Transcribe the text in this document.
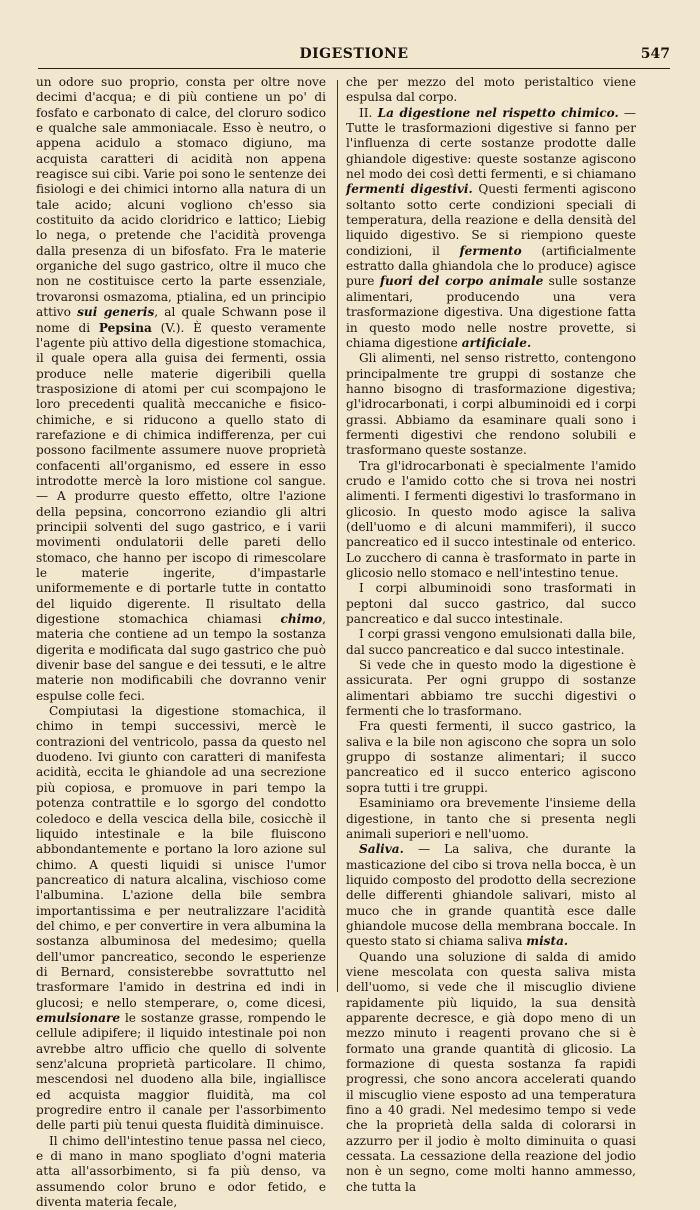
DIGESTIONE	547

un odore suo proprio, consta per oltre nove decimi d'acqua; e di più contiene un po' di fosfato e carbonato di calce, del cloruro sodico e qualche sale ammoniacale. Esso è neutro, o appena acidulo a stomaco digiuno, ma acquista caratteri di acidità non appena reagisce sui cibi. Varie poi sono le sentenze dei fisiologi e dei chimici intorno alla natura di un tale acido; alcuni vogliono ch'esso sia costituito da acido cloridrico e lattico; Liebig lo nega, o pretende che l'acidità provenga dalla presenza di un bifosfato. Fra le materie organiche del sugo gastrico, oltre il muco che non ne costituisce certo la parte essenziale, trovaronsi osmazoma, ptialina, ed un principio attivo sui generis, al quale Schwann pose il nome di Pepsina (V.). È questo veramente l'agente più attivo della digestione stomachica, il quale opera alla guisa dei fermenti, ossia produce nelle materie digeribili quella trasposizione di atomi per cui scompajono le loro precedenti qualità meccaniche e fisico-chimiche, e si riducono a quello stato di rarefazione e di chimica indifferenza, per cui possono facilmente assumere nuove proprietà confacenti all'organismo, ed essere in esso introdotte mercè la loro mistione col sangue. — A produrre questo effetto, oltre l'azione della pepsina, concorrono eziandio gli altri principii solventi del sugo gastrico, e i varii movimenti ondulatorii delle pareti dello stomaco, che hanno per iscopo di rimescolare le materie ingerite, d'impastarle uniformemente e di portarle tutte in contatto del liquido digerente. Il risultato della digestione stomachica chiamasi chimo, materia che contiene ad un tempo la sostanza digerita e modificata dal sugo gastrico che può divenir base del sangue e dei tessuti, e le altre materie non modificabili che dovranno venir espulse colle feci.

Compiutasi la digestione stomachica, il chimo in tempi successivi, mercè le contrazioni del ventricolo, passa da questo nel duodeno. Ivi giunto con caratteri di manifesta acidità, eccita le ghiandole ad una secrezione più copiosa, e promuove in pari tempo la potenza contrattile e lo sgorgo del condotto coledoco e della vescica della bile, cosicchè il liquido intestinale e la bile fluiscono abbondantemente e portano la loro azione sul chimo. A questi liquidi si unisce l'umor pancreatico di natura alcalina, vischioso come l'albumina. L'azione della bile sembra importantissima e per neutralizzare l'acidità del chimo, e per convertire in vera albumina la sostanza albuminosa del medesimo; quella dell'umor pancreatico, secondo le esperienze di Bernard, consisterebbe sovrattutto nel trasformare l'amido in destrina ed indi in glucosi; e nello stemperare, o, come dicesi, emulsionare le sostanze grasse, rompendo le cellule adipifere; il liquido intestinale poi non avrebbe altro ufficio che quello di solvente senz'alcuna proprietà particolare. Il chimo, mescendosi nel duodeno alla bile, ingiallisce ed acquista maggior fluidità, ma col progredire entro il canale per l'assorbimento delle parti più tenui questa fluidità diminuisce.

Il chimo dell'intestino tenue passa nel cieco, e di mano in mano spogliato d'ogni materia atta all'assorbimento, si fa più denso, va assumendo color bruno e odor fetido, e diventa materia fecale,

che per mezzo del moto peristaltico viene espulsa dal corpo.

II. La digestione nel rispetto chimico. — Tutte le trasformazioni digestive si fanno per l'influenza di certe sostanze prodotte dalle ghiandole digestive: queste sostanze agiscono nel modo dei così detti fermenti, e si chiamano fermenti digestivi. Questi fermenti agiscono soltanto sotto certe condizioni speciali di temperatura, della reazione e della densità del liquido digestivo. Se si riempiono queste condizioni, il fermento (artificialmente estratto dalla ghiandola che lo produce) agisce pure fuori del corpo animale sulle sostanze alimentari, producendo una vera trasformazione digestiva. Una digestione fatta in questo modo nelle nostre provette, si chiama digestione artificiale.

Gli alimenti, nel senso ristretto, contengono principalmente tre gruppi di sostanze che hanno bisogno di trasformazione digestiva; gl'idrocarbonati, i corpi albuminoidi ed i corpi grassi. Abbiamo da esaminare quali sono i fermenti digestivi che rendono solubili e trasformano queste sostanze.

Tra gl'idrocarbonati è specialmente l'amido crudo e l'amido cotto che si trova nei nostri alimenti. I fermenti digestivi lo trasformano in glicosio. In questo modo agisce la saliva (dell'uomo e di alcuni mammiferi), il succo pancreatico ed il succo intestinale od enterico. Lo zucchero di canna è trasformato in parte in glicosio nello stomaco e nell'intestino tenue.

I corpi albuminoidi sono trasformati in peptoni dal succo gastrico, dal succo pancreatico e dal succo intestinale.

I corpi grassi vengono emulsionati dalla bile, dal succo pancreatico e dal succo intestinale.

Si vede che in questo modo la digestione è assicurata. Per ogni gruppo di sostanze alimentari abbiamo tre succhi digestivi o fermenti che lo trasformano.

Fra questi fermenti, il succo gastrico, la saliva e la bile non agiscono che sopra un solo gruppo di sostanze alimentari; il succo pancreatico ed il succo enterico agiscono sopra tutti i tre gruppi.

Esaminiamo ora brevemente l'insieme della digestione, in tanto che si presenta negli animali superiori e nell'uomo.

Saliva. — La saliva, che durante la masticazione del cibo si trova nella bocca, è un liquido composto del prodotto della secrezione delle differenti ghiandole salivari, misto al muco che in grande quantità esce dalle ghiandole mucose della membrana boccale. In questo stato si chiama saliva mista.

Quando una soluzione di salda di amido viene mescolata con questa saliva mista dell'uomo, si vede che il miscuglio diviene rapidamente più liquido, la sua densità apparente decresce, e già dopo meno di un mezzo minuto i reagenti provano che si è formato una grande quantità di glicosio. La formazione di questa sostanza fa rapidi progressi, che sono ancora accelerati quando il miscuglio viene esposto ad una temperatura fino a 40 gradi. Nel medesimo tempo si vede che la proprietà della salda di colorarsi in azzurro per il jodio è molto diminuita o quasi cessata. La cessazione della reazione del jodio non è un segno, come molti hanno ammesso, che tutta la
